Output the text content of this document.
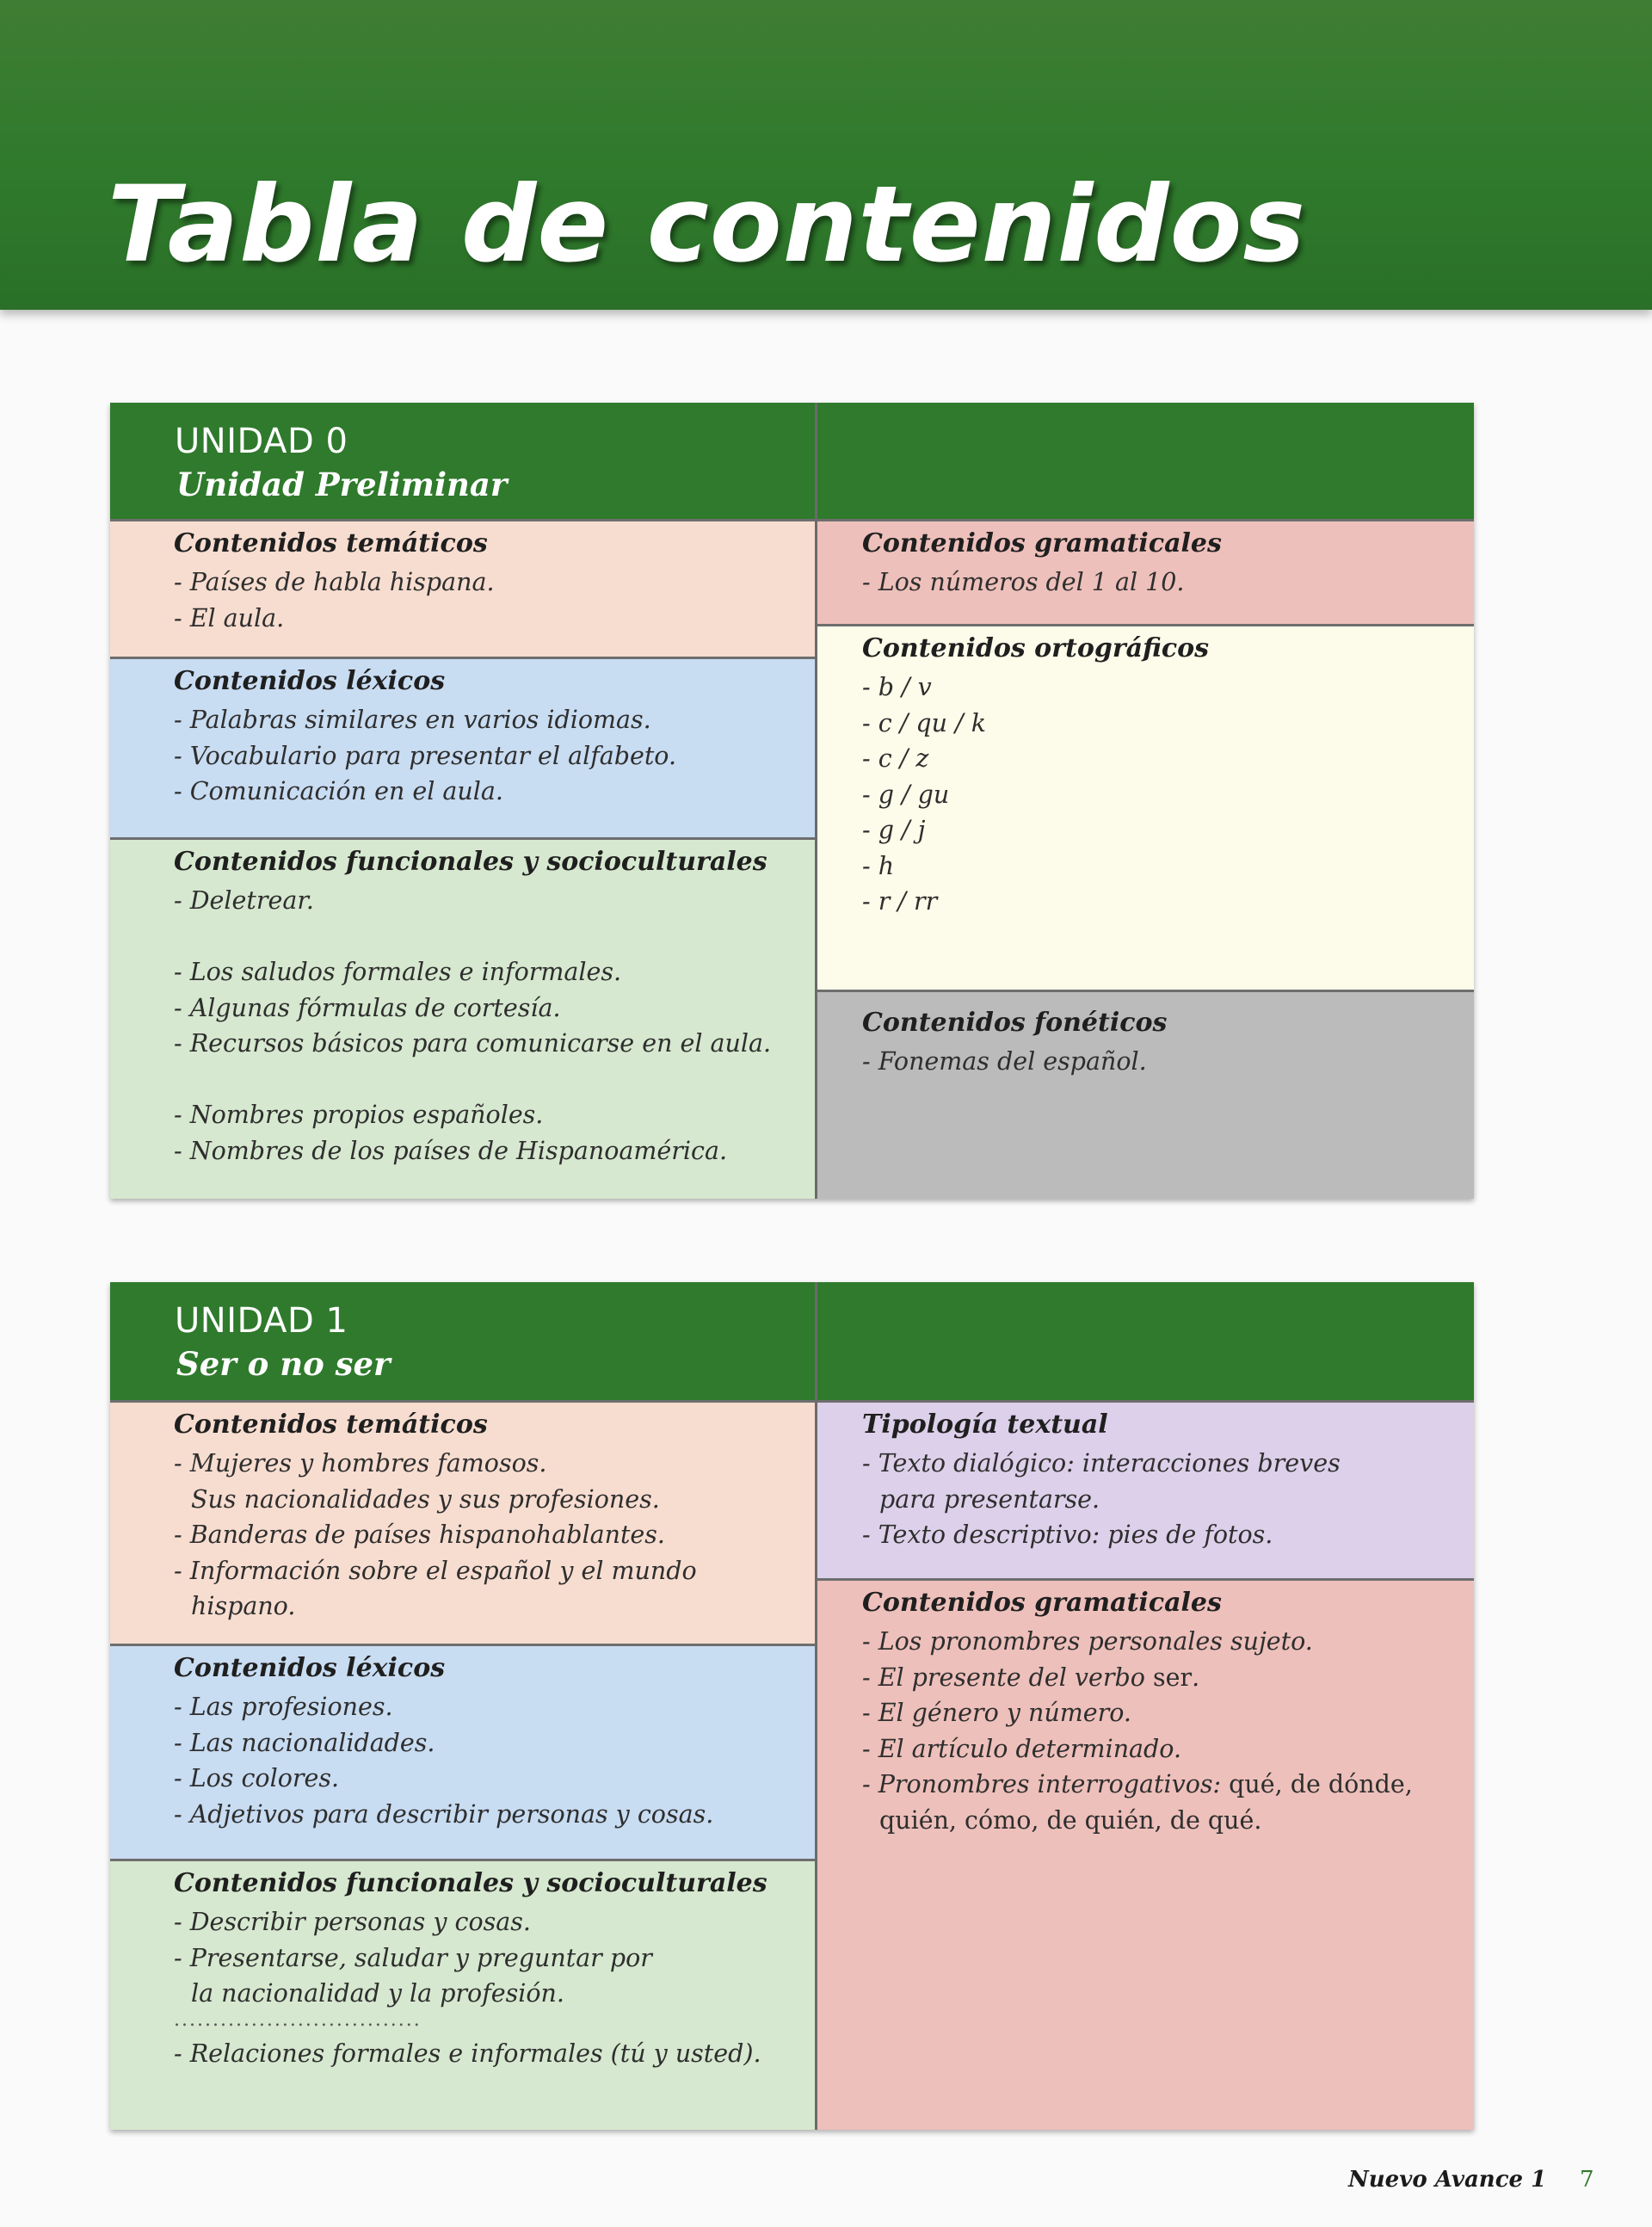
Tabla de contenidos
UNIDAD 0
Unidad Preliminar
Contenidos temáticos
- Países de habla hispana.
- El aula.
Contenidos léxicos
- Palabras similares en varios idiomas.
- Vocabulario para presentar el alfabeto.
- Comunicación en el aula.
Contenidos funcionales y socioculturales
- Deletrear.
- Los saludos formales e informales.
- Algunas fórmulas de cortesía.
- Recursos básicos para comunicarse en el aula.
- Nombres propios españoles.
- Nombres de los países de Hispanoamérica.
Contenidos gramaticales
- Los números del 1 al 10.
Contenidos ortográficos
- b / v
- c / qu / k
- c / z
- g / gu
- g / j
- h
- r / rr
Contenidos fonéticos
- Fonemas del español.
UNIDAD 1
Ser o no ser
Contenidos temáticos
- Mujeres y hombres famosos.
Sus nacionalidades y sus profesiones.
- Banderas de países hispanohablantes.
- Información sobre el español y el mundo
hispano.
Contenidos léxicos
- Las profesiones.
- Las nacionalidades.
- Los colores.
- Adjetivos para describir personas y cosas.
Contenidos funcionales y socioculturales
- Describir personas y cosas.
- Presentarse, saludar y preguntar por
la nacionalidad y la profesión.
................................
- Relaciones formales e informales (tú y usted).
Tipología textual
- Texto dialógico: interacciones breves
para presentarse.
- Texto descriptivo: pies de fotos.
Contenidos gramaticales
- Los pronombres personales sujeto.
- El presente del verbo ser.
- El género y número.
- El artículo determinado.
- Pronombres interrogativos: qué, de dónde,
quién, cómo, de quién, de qué.
Nuevo Avance 1 7
